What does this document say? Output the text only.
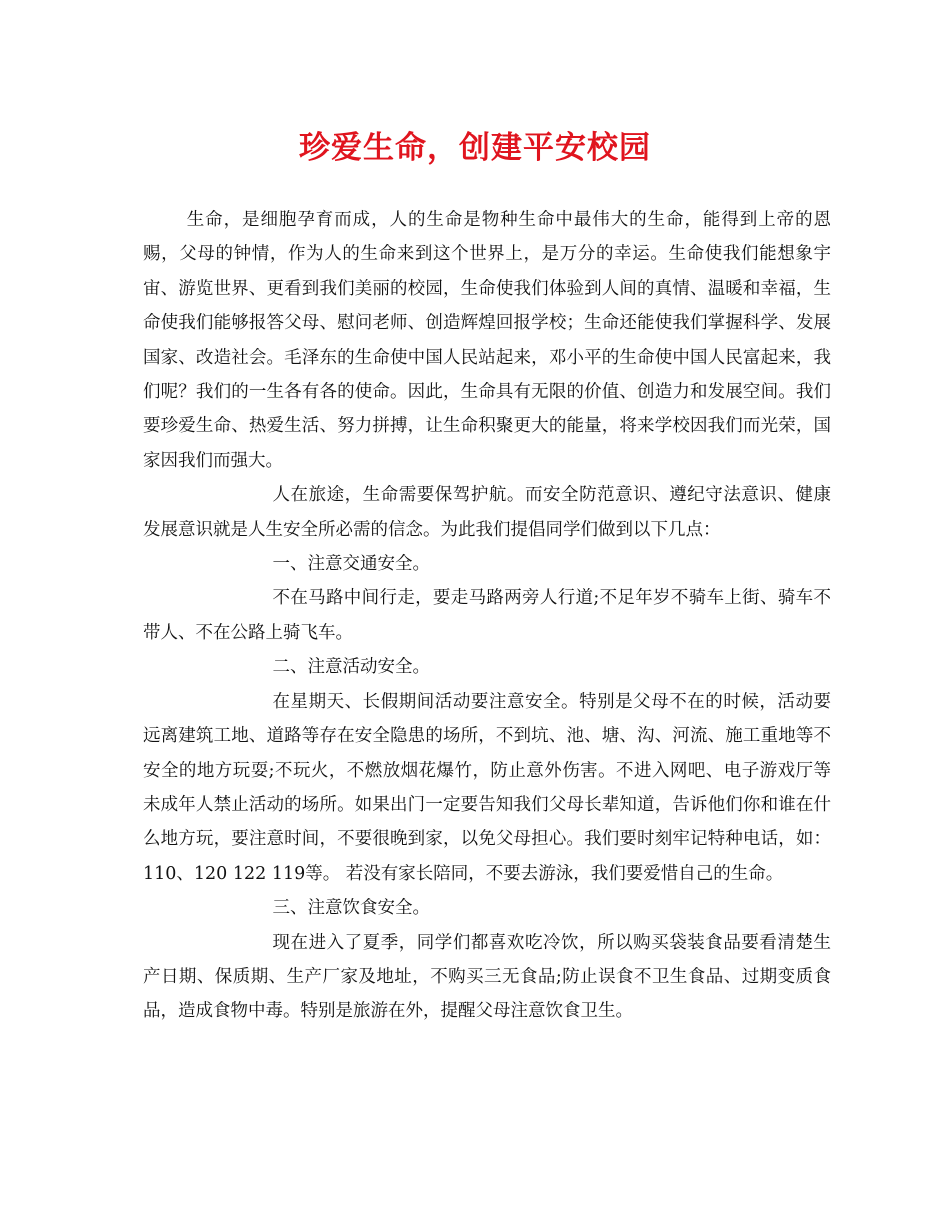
珍爱生命，创建平安校园

生命，是细胞孕育而成，人的生命是物种生命中最伟大的生命，能得到上帝的恩赐，父母的钟情，作为人的生命来到这个世界上，是万分的幸运。生命使我们能想象宇宙、游览世界、更看到我们美丽的校园，生命使我们体验到人间的真情、温暖和幸福，生命使我们能够报答父母、慰问老师、创造辉煌回报学校；生命还能使我们掌握科学、发展国家、改造社会。毛泽东的生命使中国人民站起来，邓小平的生命使中国人民富起来，我们呢？我们的一生各有各的使命。因此，生命具有无限的价值、创造力和发展空间。我们要珍爱生命、热爱生活、努力拼搏，让生命积聚更大的能量，将来学校因我们而光荣，国家因我们而强大。

人在旅途，生命需要保驾护航。而安全防范意识、遵纪守法意识、健康发展意识就是人生安全所必需的信念。为此我们提倡同学们做到以下几点：

一、注意交通安全。

不在马路中间行走，要走马路两旁人行道;不足年岁不骑车上街、骑车不带人、不在公路上骑飞车。

二、注意活动安全。

在星期天、长假期间活动要注意安全。特别是父母不在的时候，活动要远离建筑工地、道路等存在安全隐患的场所，不到坑、池、塘、沟、河流、施工重地等不安全的地方玩耍;不玩火，不燃放烟花爆竹，防止意外伤害。不进入网吧、电子游戏厅等未成年人禁止活动的场所。如果出门一定要告知我们父母长辈知道，告诉他们你和谁在什么地方玩，要注意时间，不要很晚到家，以免父母担心。我们要时刻牢记特种电话，如：110、120 122 119等。 若没有家长陪同，不要去游泳，我们要爱惜自己的生命。

三、注意饮食安全。

现在进入了夏季，同学们都喜欢吃冷饮，所以购买袋装食品要看清楚生产日期、保质期、生产厂家及地址，不购买三无食品;防止误食不卫生食品、过期变质食品，造成食物中毒。特别是旅游在外，提醒父母注意饮食卫生。
